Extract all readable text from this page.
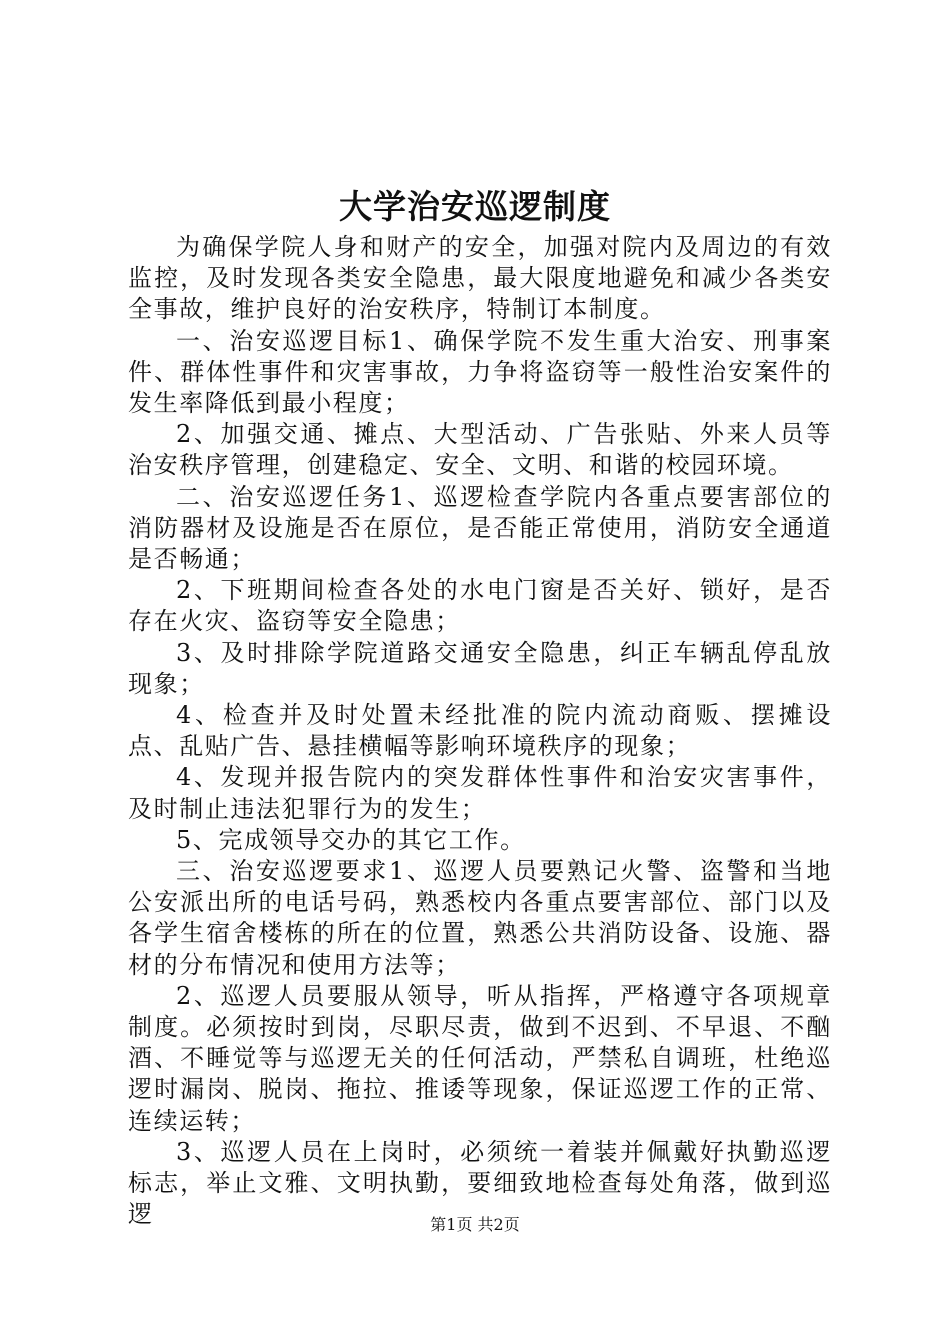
大学治安巡逻制度

为确保学院人身和财产的安全，加强对院内及周边的有效监控，及时发现各类安全隐患，最大限度地避免和减少各类安全事故，维护良好的治安秩序，特制订本制度。

一、治安巡逻目标1、确保学院不发生重大治安、刑事案件、群体性事件和灾害事故，力争将盗窃等一般性治安案件的发生率降低到最小程度；

2、加强交通、摊点、大型活动、广告张贴、外来人员等治安秩序管理，创建稳定、安全、文明、和谐的校园环境。

二、治安巡逻任务1、巡逻检查学院内各重点要害部位的消防器材及设施是否在原位，是否能正常使用，消防安全通道是否畅通；

2、下班期间检查各处的水电门窗是否关好、锁好，是否存在火灾、盗窃等安全隐患；

3、及时排除学院道路交通安全隐患，纠正车辆乱停乱放现象；

4、检查并及时处置未经批准的院内流动商贩、摆摊设点、乱贴广告、悬挂横幅等影响环境秩序的现象；

4、发现并报告院内的突发群体性事件和治安灾害事件，及时制止违法犯罪行为的发生；

5、完成领导交办的其它工作。

三、治安巡逻要求1、巡逻人员要熟记火警、盗警和当地公安派出所的电话号码，熟悉校内各重点要害部位、部门以及各学生宿舍楼栋的所在的位置，熟悉公共消防设备、设施、器材的分布情况和使用方法等；

2、巡逻人员要服从领导，听从指挥，严格遵守各项规章制度。必须按时到岗，尽职尽责，做到不迟到、不早退、不酗酒、不睡觉等与巡逻无关的任何活动，严禁私自调班，杜绝巡逻时漏岗、脱岗、拖拉、推诿等现象，保证巡逻工作的正常、连续运转；

3、巡逻人员在上岗时，必须统一着装并佩戴好执勤巡逻标志，举止文雅、文明执勤，要细致地检查每处角落，做到巡逻	第1页 共2页
